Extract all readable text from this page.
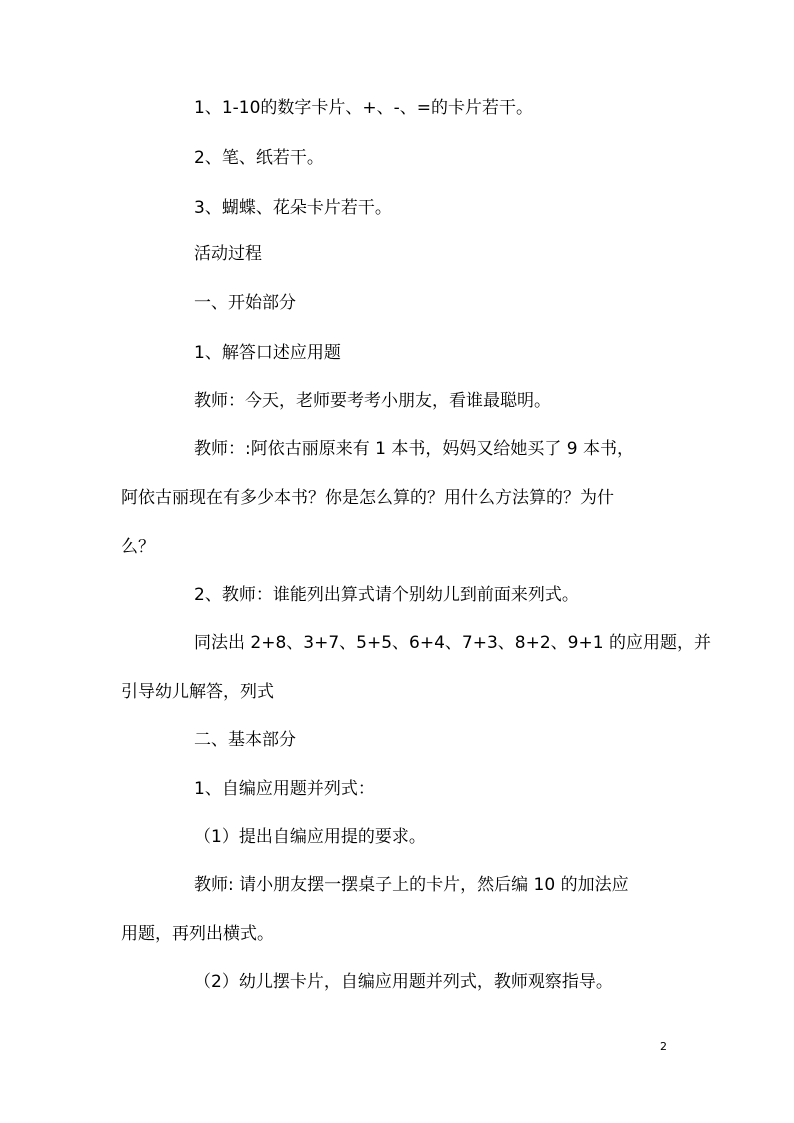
1、1-10的数字卡片、+、-、=的卡片若干。
2、笔、纸若干。
3、蝴蝶、花朵卡片若干。
活动过程
一、开始部分
1、解答口述应用题
教师：今天，老师要考考小朋友，看谁最聪明。
教师：:阿依古丽原来有 1 本书，妈妈又给她买了 9 本书，
阿依古丽现在有多少本书？你是怎么算的？用什么方法算的？为什
么？
2、教师：谁能列出算式请个别幼儿到前面来列式。
同法出 2+8、3+7、5+5、6+4、7+3、8+2、9+1 的应用题，并
引导幼儿解答，列式
二、基本部分
1、自编应用题并列式：
（1）提出自编应用提的要求。
教师: 请小朋友摆一摆桌子上的卡片，然后编 10 的加法应
用题，再列出横式。
（2）幼儿摆卡片，自编应用题并列式，教师观察指导。
2
